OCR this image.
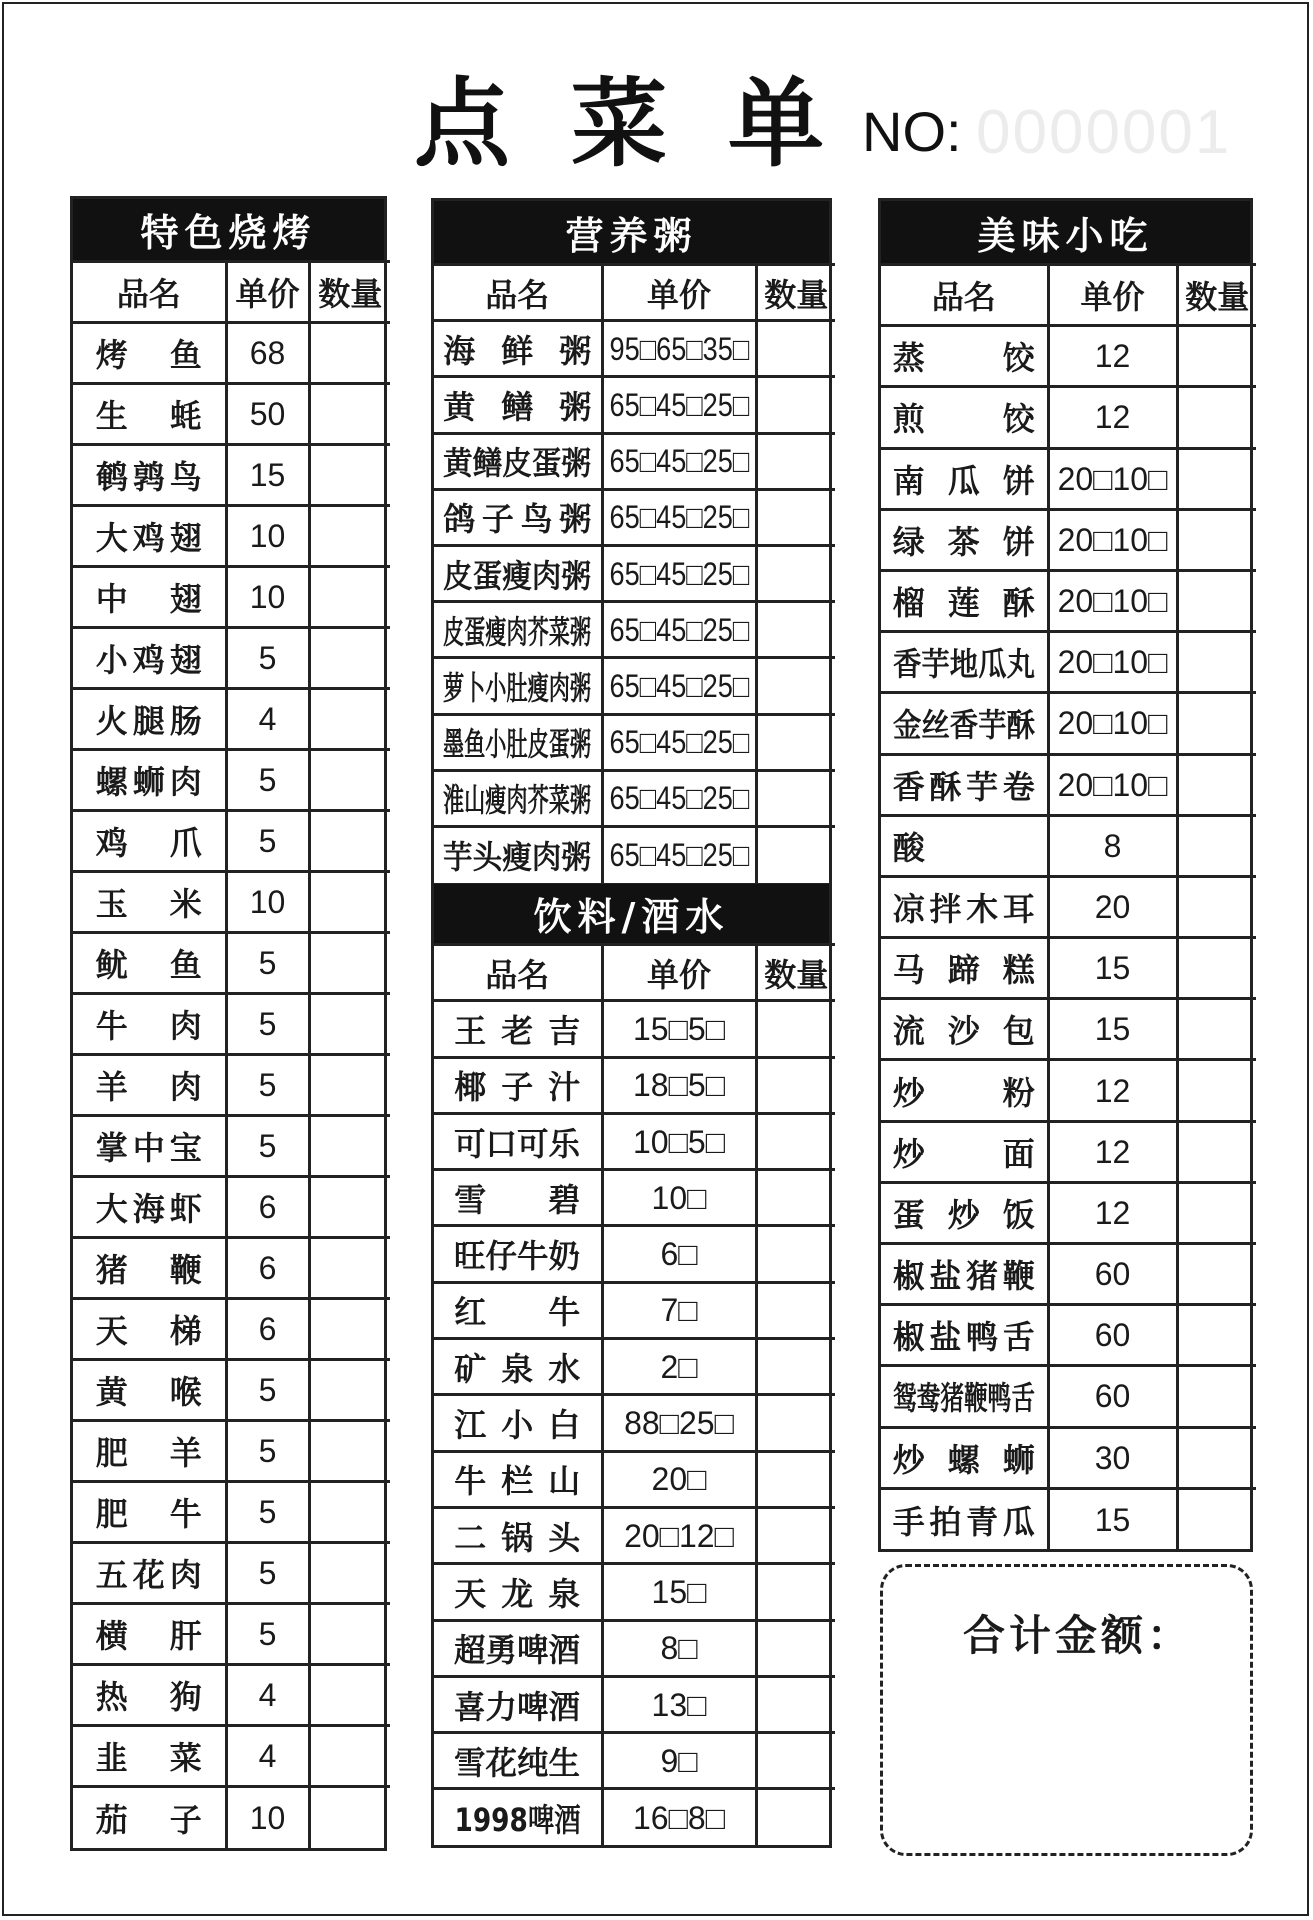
点菜单 NO: 0000001
特色烧烤
品名	单价	数量
烤鱼	68	
生蚝	50	
鹌鹑鸟	15	
大鸡翅	10	
中翅	10	
小鸡翅	5	
火腿肠	4	
螺蛳肉	5	
鸡爪	5	
玉米	10	
鱿鱼	5	
牛肉	5	
羊肉	5	
掌中宝	5	
大海虾	6	
猪鞭	6	
天梯	6	
黄喉	5	
肥羊	5	
肥牛	5	
五花肉	5	
横肝	5	
热狗	4	
韭菜	4	
茄子	10	
营养粥
品名	单价	数量
海鲜粥	95□65□35□	
黄鳝粥	65□45□25□	
黄鳝皮蛋粥	65□45□25□	
鸽子鸟粥	65□45□25□	
皮蛋瘦肉粥	65□45□25□	
皮蛋瘦肉芥菜粥	65□45□25□	
萝卜小肚瘦肉粥	65□45□25□	
墨鱼小肚皮蛋粥	65□45□25□	
淮山瘦肉芥菜粥	65□45□25□	
芋头瘦肉粥	65□45□25□	
饮料/酒水
品名	单价	数量
王老吉	15□5□	
椰子汁	18□5□	
可口可乐	10□5□	
雪碧	10□	
旺仔牛奶	6□	
红牛	7□	
矿泉水	2□	
江小白	88□25□	
牛栏山	20□	
二锅头	20□12□	
天龙泉	15□	
超勇啤酒	8□	
喜力啤酒	13□	
雪花纯生	9□	
1998啤酒	16□8□	
美味小吃
品名	单价	数量
蒸饺	12	
煎饺	12	
南瓜饼	20□10□	
绿茶饼	20□10□	
榴莲酥	20□10□	
香芋地瓜丸	20□10□	
金丝香芋酥	20□10□	
香酥芋卷	20□10□	
酸	8	
凉拌木耳	20	
马蹄糕	15	
流沙包	15	
炒粉	12	
炒面	12	
蛋炒饭	12	
椒盐猪鞭	60	
椒盐鸭舌	60	
鸳鸯猪鞭鸭舌	60	
炒螺蛳	30	
手拍青瓜	15	
合计金额：
